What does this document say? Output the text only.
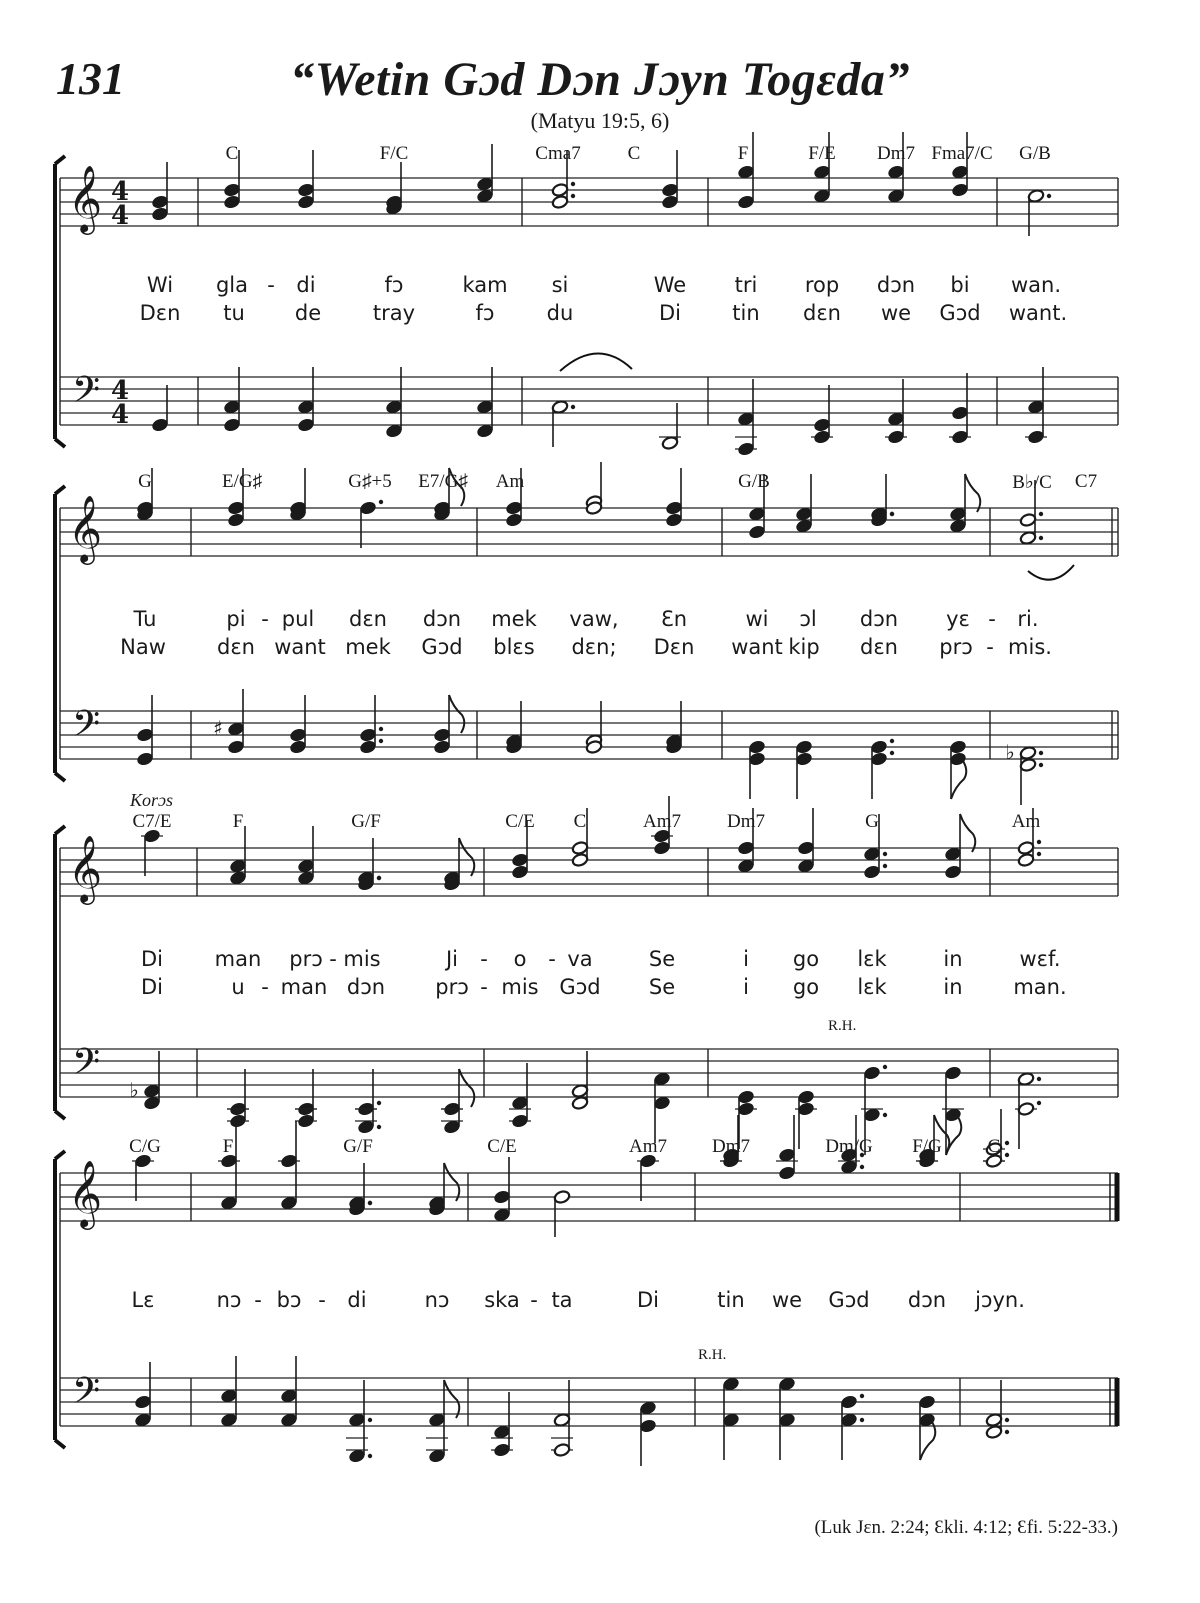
131	“Wetin Gɔd Dɔn Jɔyn Togɛda”
(Matyu 19:5, 6)
𝄞
𝄢
4
4
4
4
𝄞
𝄢	♯
♭
𝄞
𝄢 ♭
𝄞
𝄢
C	F/C	Cma7 C	F	F/E Dm7 Fma7/C G/B
Wi gla - di	fɔ	kam si	We tri rop dɔn bi wan.
Dɛn tu de tray	fɔ du	Di tin dɛn we Gɔd want.
G	E/G♯	G♯+5 E7/G♯ Am	G/B	B♭/C C7
Tu	pi - pul dɛn dɔn mek vaw, Ɛn	wi ɔl dɔn yɛ - ri.
Naw dɛn want mek Gɔd blɛs dɛn; Dɛn want kip dɛn prɔ - mis.
Korɔs
C7/E	F	G/F	C/E C	Am7 Dm7	G	Am
Di man prɔ - mis	Ji - o - va	Se	i go lɛk	in	wɛf.
Di	u - man dɔn prɔ - mis Gɔd Se	i go lɛk	in man.
R.H.
C/G	F	G/F	C/E	Am7 Dm7	Dm/G F/G C
Lɛ	nɔ - bɔ - di	nɔ ska - ta	Di	tin we Gɔd dɔn jɔyn.
R.H.
(Luk Jɛn. 2:24; Ɛkli. 4:12; Ɛfi. 5:22-33.)
